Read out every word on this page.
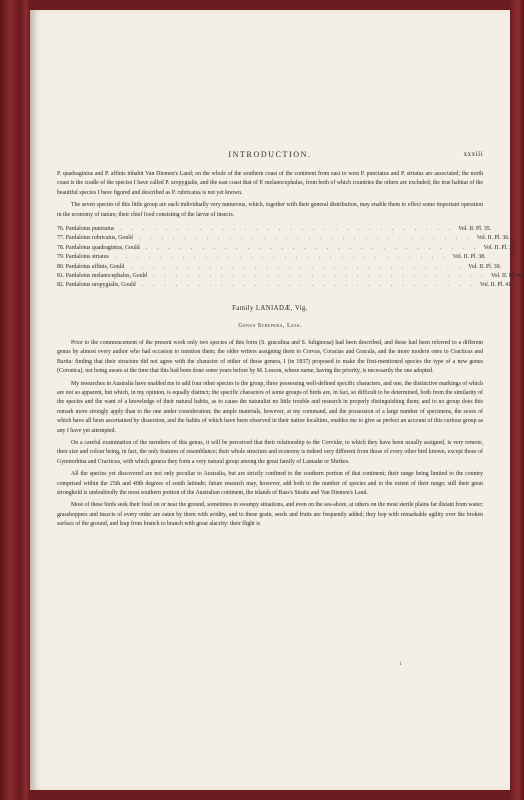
INTRODUCTION.	xxxiii

P. quadragintus and P. affinis inhabit Van Diemen's Land; on the whole of the southern coast of the continent from east to west P. punctatus and P. striatus are associated; the north coast is the cradle of the species I have called P. uropygialis, and the east coast that of P. melanocephalus, from both of which countries the others are excluded; the true habitat of the beautiful species I have figured and described as P. rubricatus is not yet known.

The seven species of this little group are each individually very numerous, which, together with their general distribution, may enable them to effect some important operation in the economy of nature; their chief food consisting of the larvæ of insects.

76. Pardalotus punctatus	. . . . . . . . . . . . . . . . . . . . . . . . . . . . . . Vol. II. Pl. 35.
77. Pardalotus rubricatus, Gould	. . . . . . . . . . . . . . . . . . . . . . . . . . . . . . Vol. II. Pl. 36.
78. Pardalotus quadragintus, Gould	. . . . . . . . . . . . . . . . . . . . . . . . . . . . . . Vol. II. Pl. 37.
79. Pardalotus striatus	. . . . . . . . . . . . . . . . . . . . . . . . . . . . . . Vol. II. Pl. 38.
80. Pardalotus affinis, Gould	. . . . . . . . . . . . . . . . . . . . . . . . . . . . . . Vol. II. Pl. 39.
81. Pardalotus melanocephalus, Gould	. . . . . . . . . . . . . . . . . . . . . . . . . . . . . . Vol. II. Pl. 40.
82. Pardalotus uropygialis, Gould	. . . . . . . . . . . . . . . . . . . . . . . . . . . . . . Vol. II. Pl. 41.
Family LANIADÆ, Vig.
Genus Strepera, Less.

Prior to the commencement of the present work only two species of this form (S. graculina and S. fuliginosa) had been described, and these had been referred to a different genus by almost every author who had occasion to mention them; the older writers assigning them to Corvus, Coracias and Gracula, and the more modern ones to Cracticus and Barita: finding that their structure did not agree with the character of either of those genera, I (in 1837) proposed to make the first-mentioned species the type of a new genus (Coronica), not being aware at the time that this had been done some years before by M. Lesson, whose name, having the priority, is necessarily the one adopted.

My researches in Australia have enabled me to add four other species to the group, three possessing well-defined specific characters, and one, the distinctive markings of which are not so apparent, but which, in my opinion, is equally distinct; the specific characters of some groups of birds are, in fact, so difficult to be determined, both from the similarity of the species and the want of a knowledge of their natural habits, as to cause the naturalist no little trouble and research in properly distinguishing them; and to no group does this remark more strongly apply than to the one under consideration; the ample materials, however, at my command, and the possession of a large number of specimens, the sexes of which have all been ascertained by dissection, and the habits of which have been observed in their native localities, enables me to give as perfect an account of this curious group as any I have yet attempted.

On a careful examination of the members of this genus, it will be perceived that their relationship to the Corvidæ, to which they have been usually assigned, is very remote, their size and colour being, in fact, the only features of resemblance; their whole structure and economy is indeed very different from those of every other bird known, except those of Gymnorhina and Cracticus, with which genera they form a very natural group among the great family of Laniadæ or Shrikes.

All the species yet discovered are not only peculiar to Australia, but are strictly confined to the southern portion of that continent; their range being limited to the country comprised within the 25th and 40th degrees of south latitude; future research may, however, add both to the number of species and to the extent of their range; still their great stronghold is undoubtedly the most southern portion of the Australian continent, the islands of Bass's Straits and Van Diemen's Land.

Most of these birds seek their food on or near the ground, sometimes in swampy situations, and even on the sea-shore, at others on the most sterile plains far distant from water; grasshoppers and insects of every order are eaten by them with avidity, and to these grain, seeds and fruits are frequently added; they hop with remarkable agility over the broken surface of the ground, and leap from branch to branch with great alacrity: their flight is

i
